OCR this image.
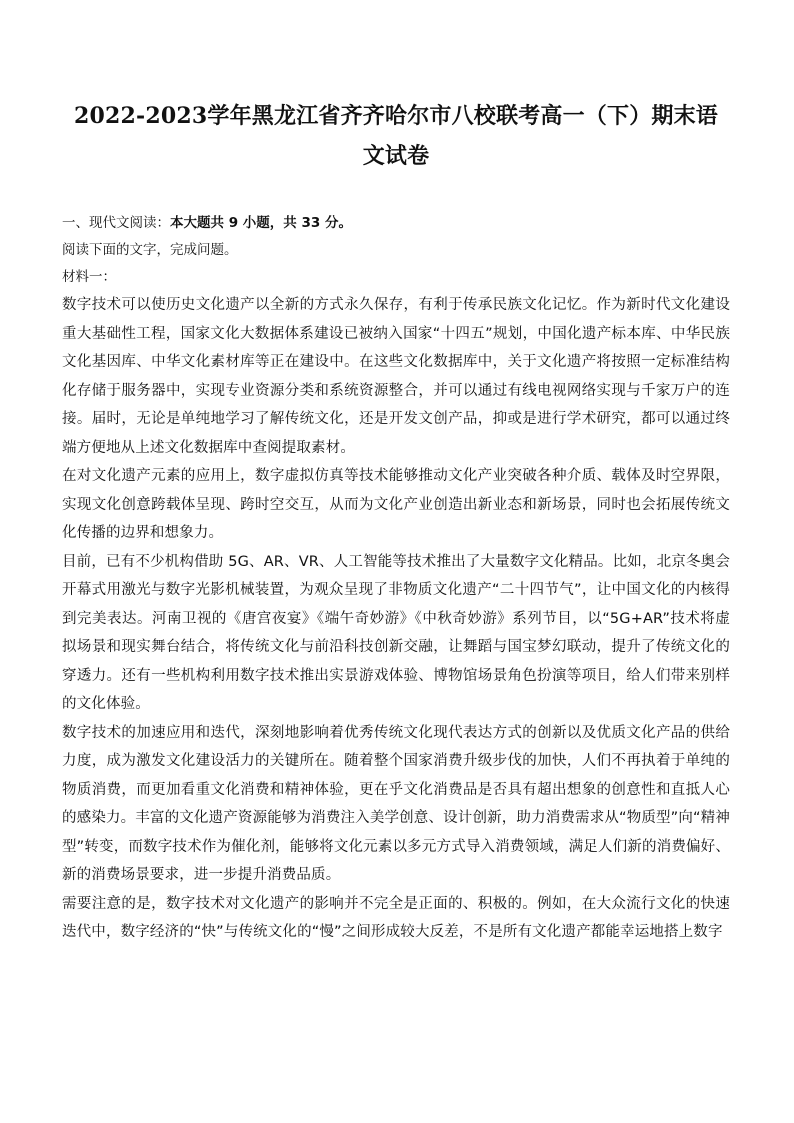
2022-2023学年黑龙江省齐齐哈尔市八校联考高一（下）期末语文试卷
一、现代文阅读：本大题共 9 小题，共 33 分。
阅读下面的文字，完成问题。
材料一：

数字技术可以使历史文化遗产以全新的方式永久保存，有利于传承民族文化记忆。作为新时代文化建设重大基础性工程，国家文化大数据体系建设已被纳入国家“十四五”规划，中国化遗产标本库、中华民族文化基因库、中华文化素材库等正在建设中。在这些文化数据库中，关于文化遗产将按照一定标准结构化存储于服务器中，实现专业资源分类和系统资源整合，并可以通过有线电视网络实现与千家万户的连接。届时，无论是单纯地学习了解传统文化，还是开发文创产品，抑或是进行学术研究，都可以通过终端方便地从上述文化数据库中查阅提取素材。

在对文化遗产元素的应用上，数字虚拟仿真等技术能够推动文化产业突破各种介质、载体及时空界限，实现文化创意跨载体呈现、跨时空交互，从而为文化产业创造出新业态和新场景，同时也会拓展传统文化传播的边界和想象力。

目前，已有不少机构借助 5G、AR、VR、人工智能等技术推出了大量数字文化精品。比如，北京冬奥会开幕式用激光与数字光影机械装置，为观众呈现了非物质文化遗产“二十四节气”，让中国文化的内核得到完美表达。河南卫视的《唐宫夜宴》《端午奇妙游》《中秋奇妙游》系列节目，以“5G+AR”技术将虚拟场景和现实舞台结合，将传统文化与前沿科技创新交融，让舞蹈与国宝梦幻联动，提升了传统文化的穿透力。还有一些机构利用数字技术推出实景游戏体验、博物馆场景角色扮演等项目，给人们带来别样的文化体验。

数字技术的加速应用和迭代，深刻地影响着优秀传统文化现代表达方式的创新以及优质文化产品的供给力度，成为激发文化建设活力的关键所在。随着整个国家消费升级步伐的加快，人们不再执着于单纯的物质消费，而更加看重文化消费和精神体验，更在乎文化消费品是否具有超出想象的创意性和直抵人心的感染力。丰富的文化遗产资源能够为消费注入美学创意、设计创新，助力消费需求从“物质型”向“精神型”转变，而数字技术作为催化剂，能够将文化元素以多元方式导入消费领域，满足人们新的消费偏好、新的消费场景要求，进一步提升消费品质。

需要注意的是，数字技术对文化遗产的影响并不完全是正面的、积极的。例如，在大众流行文化的快速迭代中，数字经济的“快”与传统文化的“慢”之间形成较大反差，不是所有文化遗产都能幸运地搭上数字
